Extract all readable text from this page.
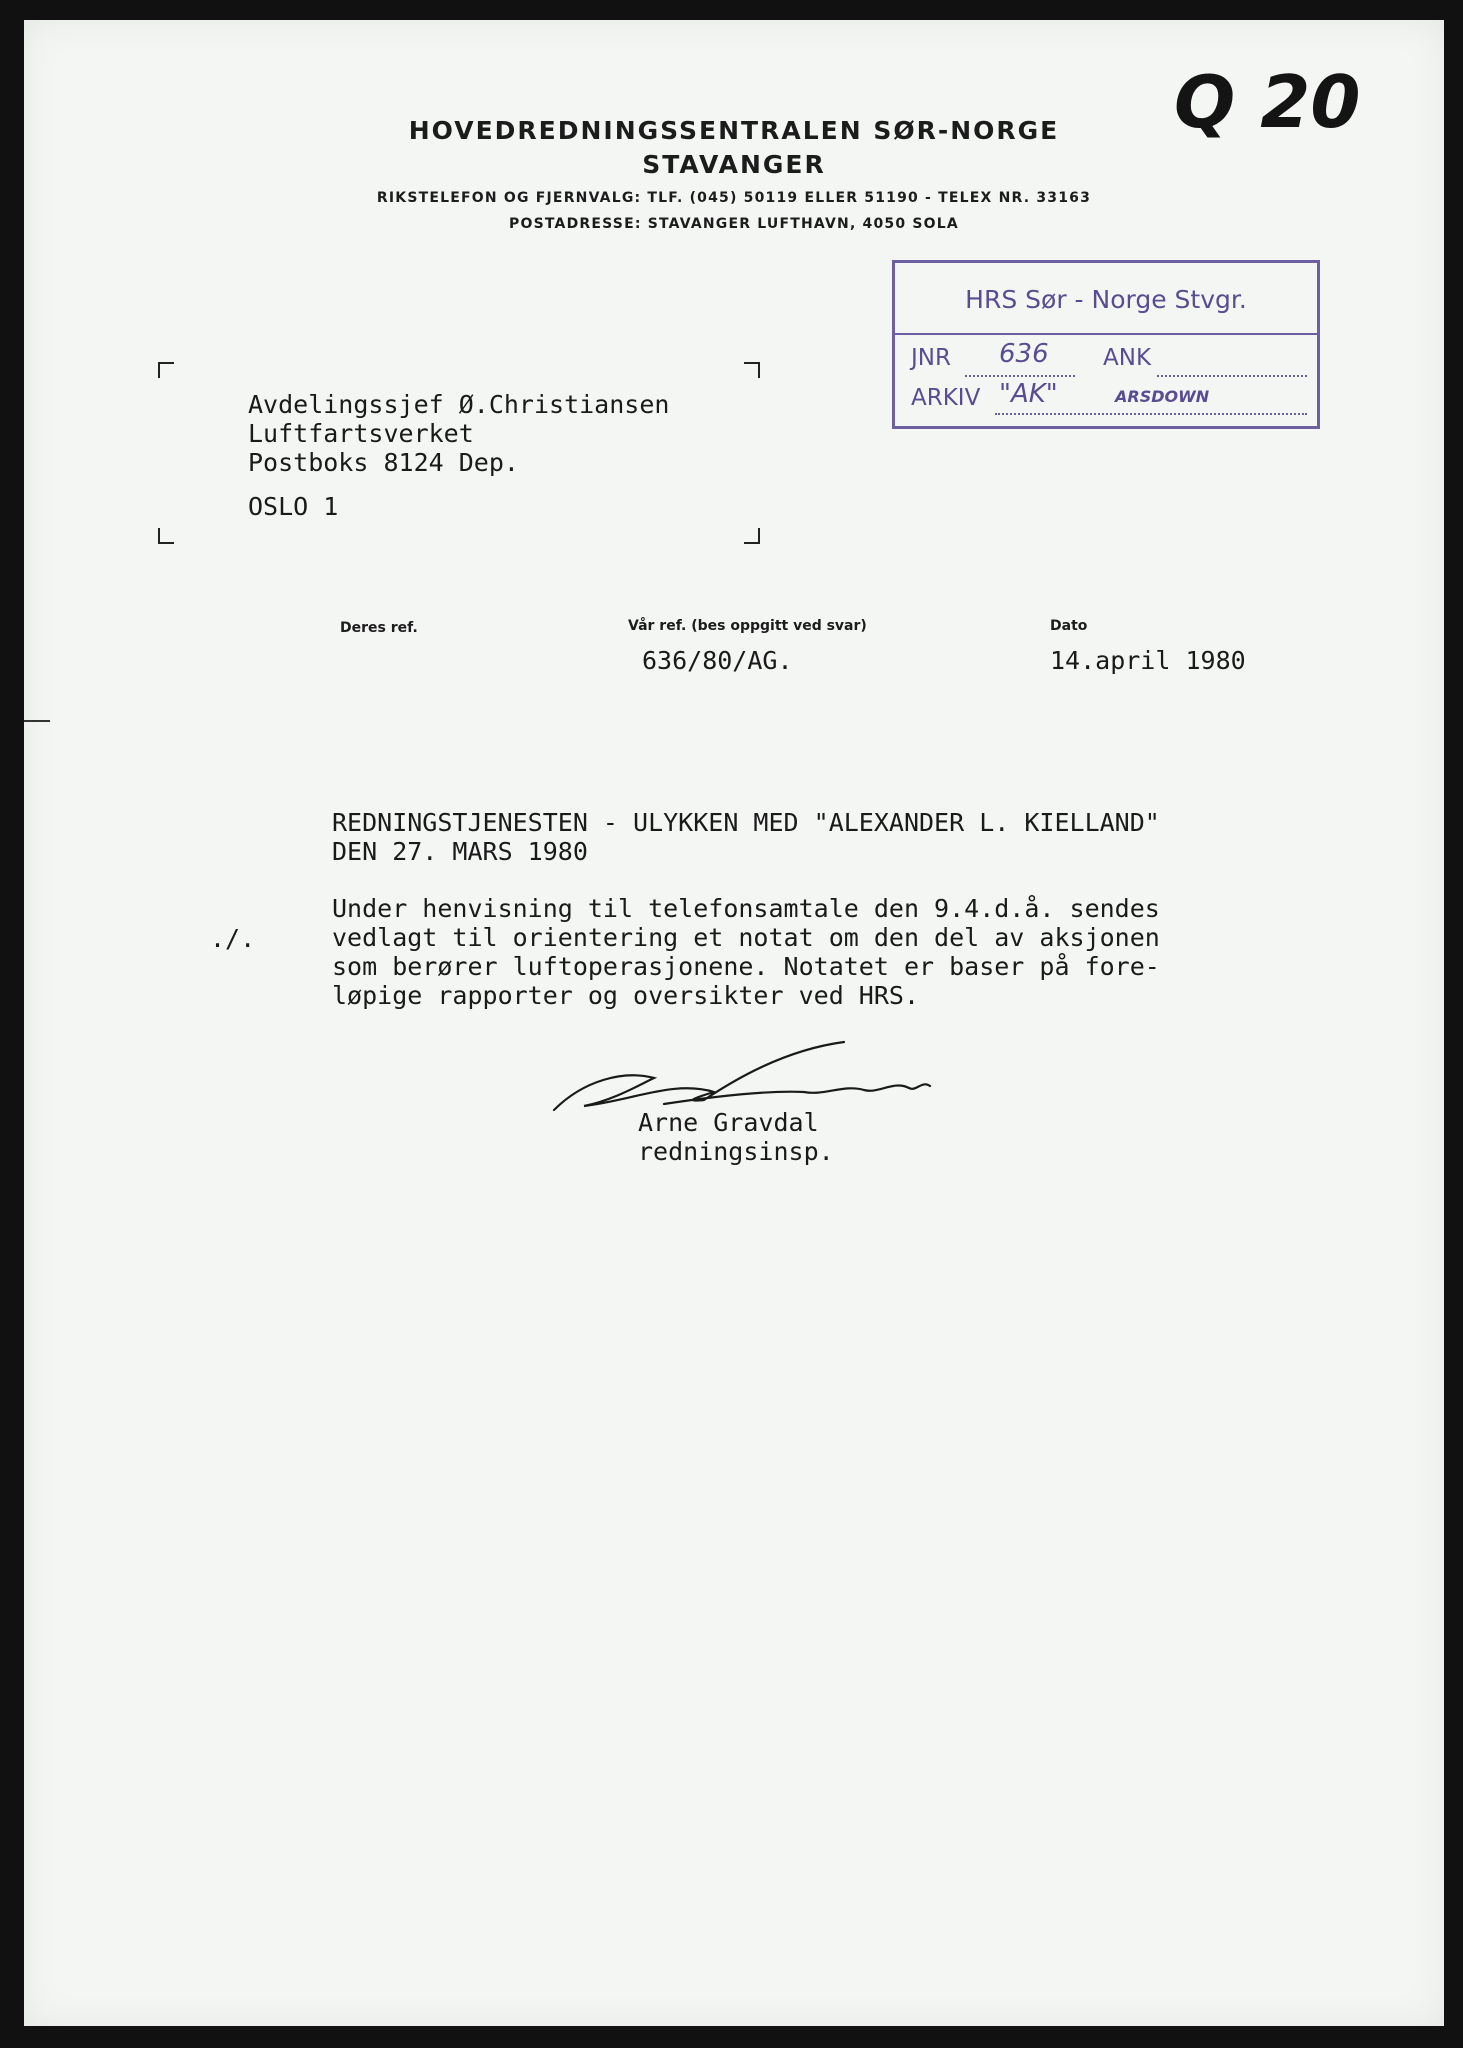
Q 20
HOVEDREDNINGSSENTRALEN SØR-NORGE
STAVANGER
RIKSTELEFON OG FJERNVALG: TLF. (045) 50119 ELLER 51190 - TELEX NR. 33163
POSTADRESSE: STAVANGER LUFTHAVN, 4050 SOLA
HRS Sør - Norge Stvgr.
JNR 636 ANK
ARKIV "AK"	ARSDOWN
Avdelingssjef Ø.Christiansen
Luftfartsverket
Postboks 8124 Dep.
OSLO 1
Deres ref.	Vår ref. (bes oppgitt ved svar)
636/80/AG.
Dato
14.april 1980
REDNINGSTJENESTEN - ULYKKEN MED "ALEXANDER L. KIELLAND"
DEN 27. MARS 1980
./.
Under henvisning til telefonsamtale den 9.4.d.å. sendes
vedlagt til orientering et notat om den del av aksjonen
som berører luftoperasjonene. Notatet er baser på fore-
løpige rapporter og oversikter ved HRS.
Arne Gravdal
redningsinsp.
